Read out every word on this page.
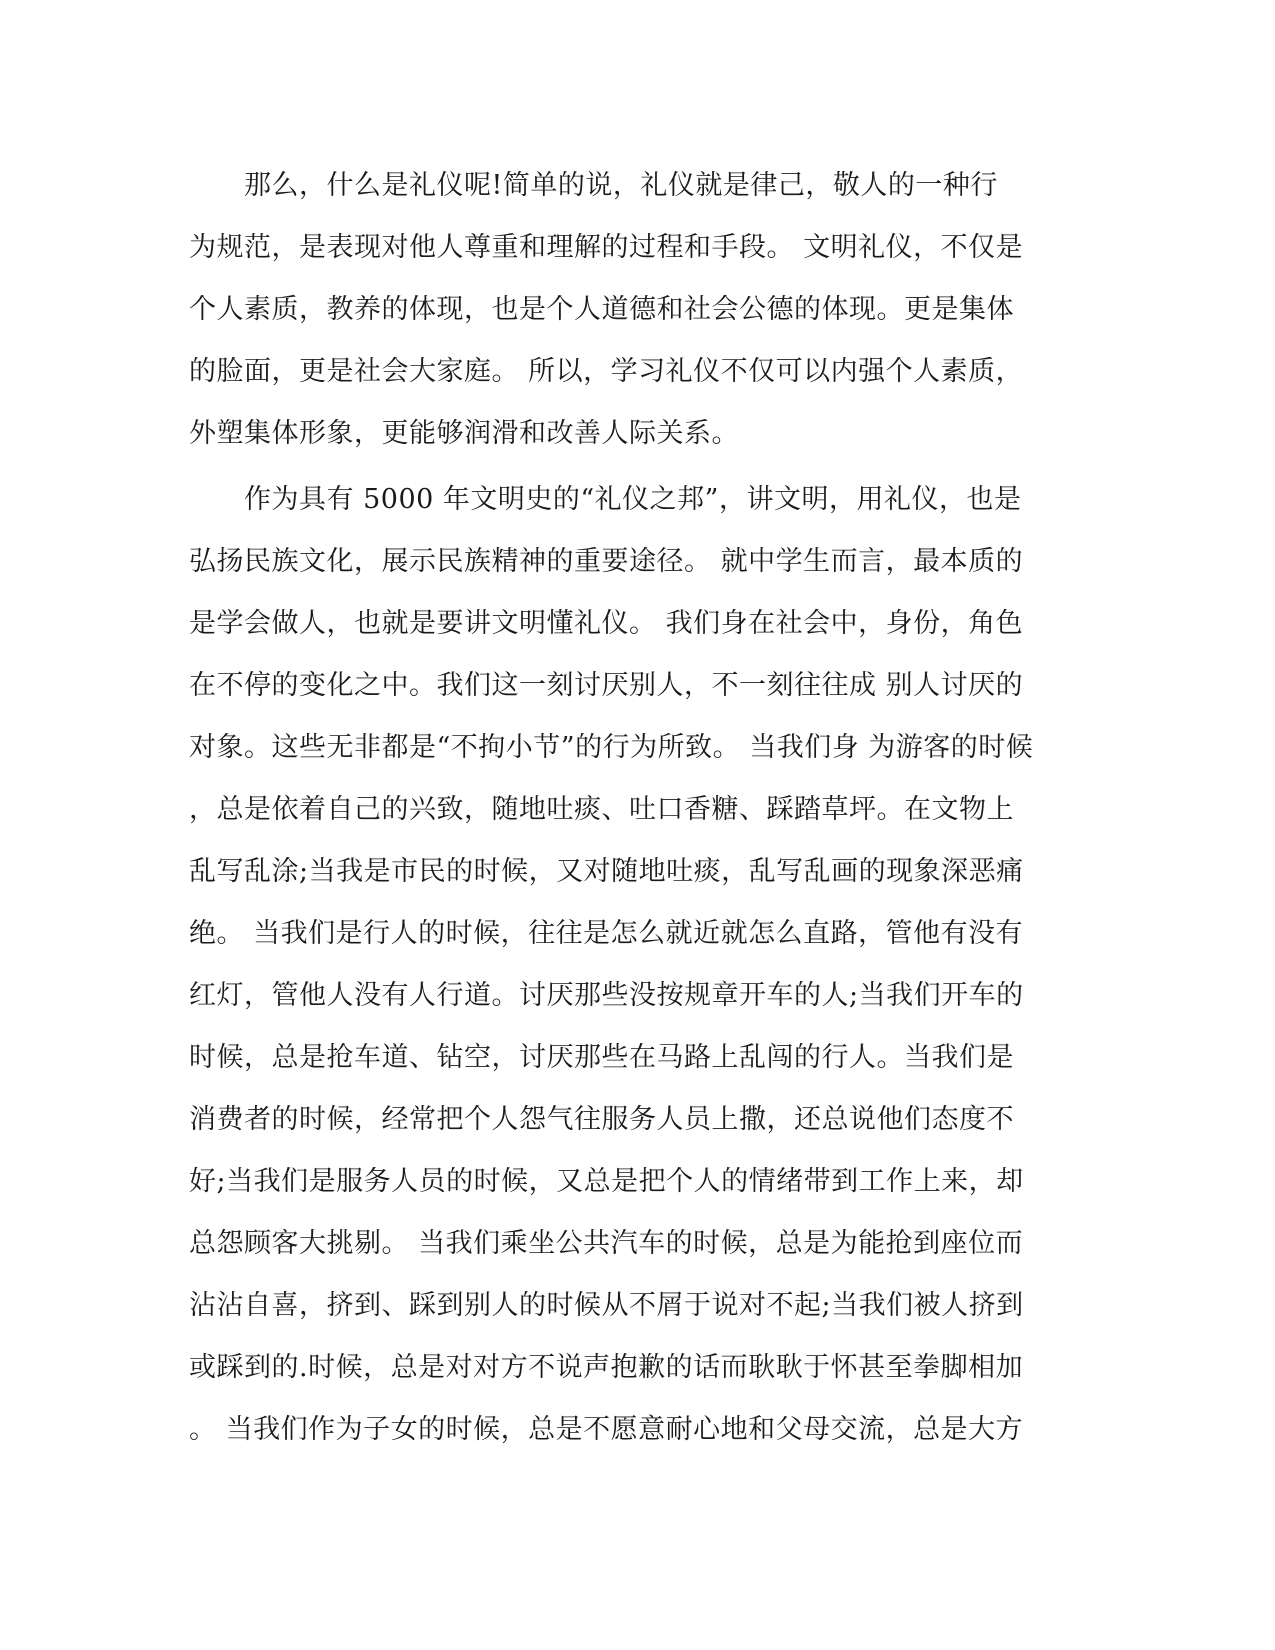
　　那么，什么是礼仪呢!简单的说，礼仪就是律己，敬人的一种行
为规范，是表现对他人尊重和理解的过程和手段。 文明礼仪，不仅是
个人素质，教养的体现，也是个人道德和社会公德的体现。更是集体
的脸面，更是社会大家庭。 所以，学习礼仪不仅可以内强个人素质，
外塑集体形象，更能够润滑和改善人际关系。
　　作为具有 5000 年文明史的“礼仪之邦”，讲文明，用礼仪，也是
弘扬民族文化，展示民族精神的重要途径。 就中学生而言，最本质的
是学会做人，也就是要讲文明懂礼仪。 我们身在社会中，身份，角色
在不停的变化之中。我们这一刻讨厌别人，不一刻往往成 别人讨厌的
对象。这些无非都是“不拘小节”的行为所致。 当我们身 为游客的时候
，总是依着自己的兴致，随地吐痰、吐口香糖、踩踏草坪。在文物上
乱写乱涂;当我是市民的时候，又对随地吐痰，乱写乱画的现象深恶痛
绝。 当我们是行人的时候，往往是怎么就近就怎么直路，管他有没有
红灯，管他人没有人行道。讨厌那些没按规章开车的人;当我们开车的
时候，总是抢车道、钻空，讨厌那些在马路上乱闯的行人。当我们是
消费者的时候，经常把个人怨气往服务人员上撒，还总说他们态度不
好;当我们是服务人员的时候，又总是把个人的情绪带到工作上来，却
总怨顾客大挑剔。 当我们乘坐公共汽车的时候，总是为能抢到座位而
沾沾自喜，挤到、踩到别人的时候从不屑于说对不起;当我们被人挤到
或踩到的.时候，总是对对方不说声抱歉的话而耿耿于怀甚至拳脚相加
。 当我们作为子女的时候，总是不愿意耐心地和父母交流，总是大方
